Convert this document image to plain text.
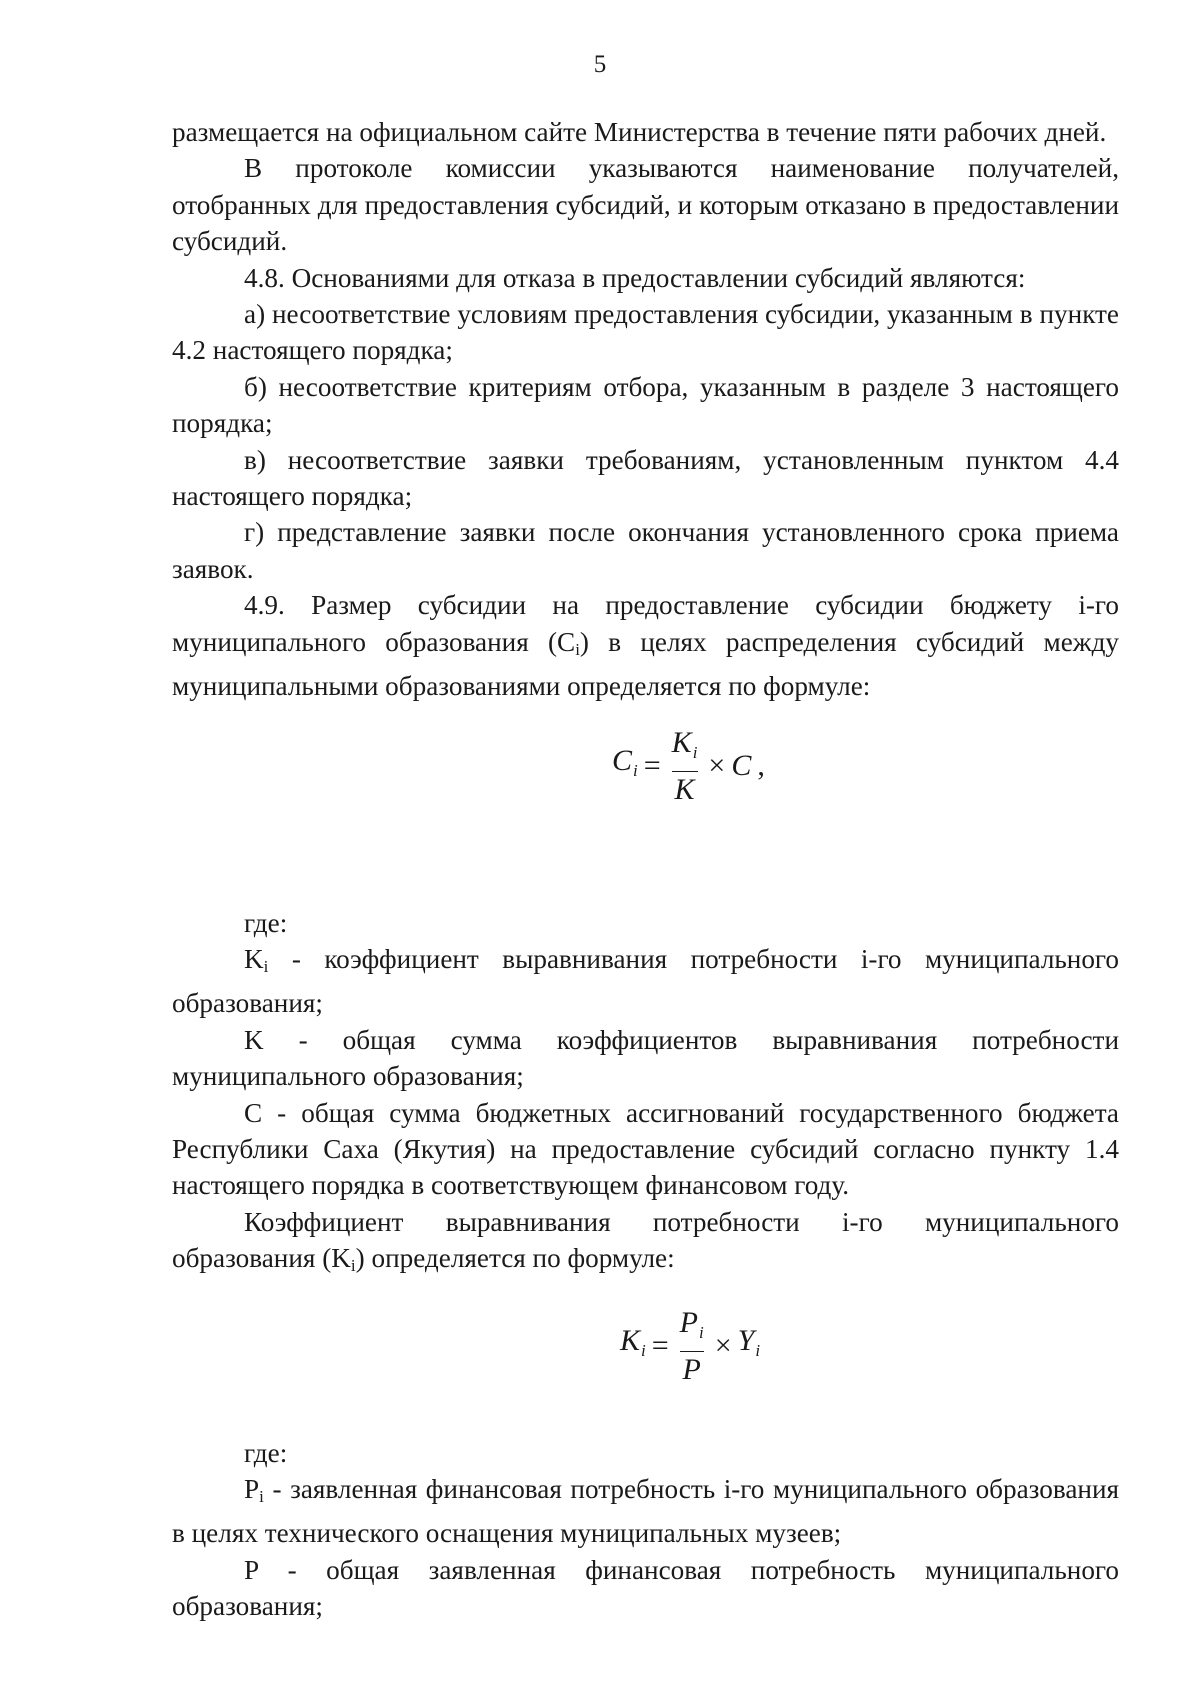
5

размещается на официальном сайте Министерства в течение пяти рабочих дней.

В протоколе комиссии указываются наименование получателей, отобранных для предоставления субсидий, и которым отказано в предоставлении субсидий.

4.8. Основаниями для отказа в предоставлении субсидий являются:

а) несоответствие условиям предоставления субсидии, указанным в пункте 4.2 настоящего порядка;

б) несоответствие критериям отбора, указанным в разделе 3 настоящего порядка;

в) несоответствие заявки требованиям, установленным пунктом 4.4 настоящего порядка;

г) представление заявки после окончания установленного срока приема заявок.

4.9. Размер субсидии на предоставление субсидии бюджету i-го муниципального образования $(C_i)$ в целях распределения субсидий между муниципальными образованиями определяется по формуле:

$C_i = \frac{K_i}{K} \times C$ ,

где:

$K_i$ - коэффициент выравнивания потребности i-го муниципального образования;

K - общая сумма коэффициентов выравнивания потребности муниципального образования;

С - общая сумма бюджетных ассигнований государственного бюджета Республики Саха (Якутия) на предоставление субсидий согласно пункту 1.4 настоящего порядка в соответствующем финансовом году.

Коэффициент выравнивания потребности i-го муниципального образования $(K_i)$ определяется по формуле:

$K_i = \frac{P_i}{P} \times Y_i$

где:

$P_i$ - заявленная финансовая потребность i-го муниципального образования в целях технического оснащения муниципальных музеев;

P - общая заявленная финансовая потребность муниципального образования;
